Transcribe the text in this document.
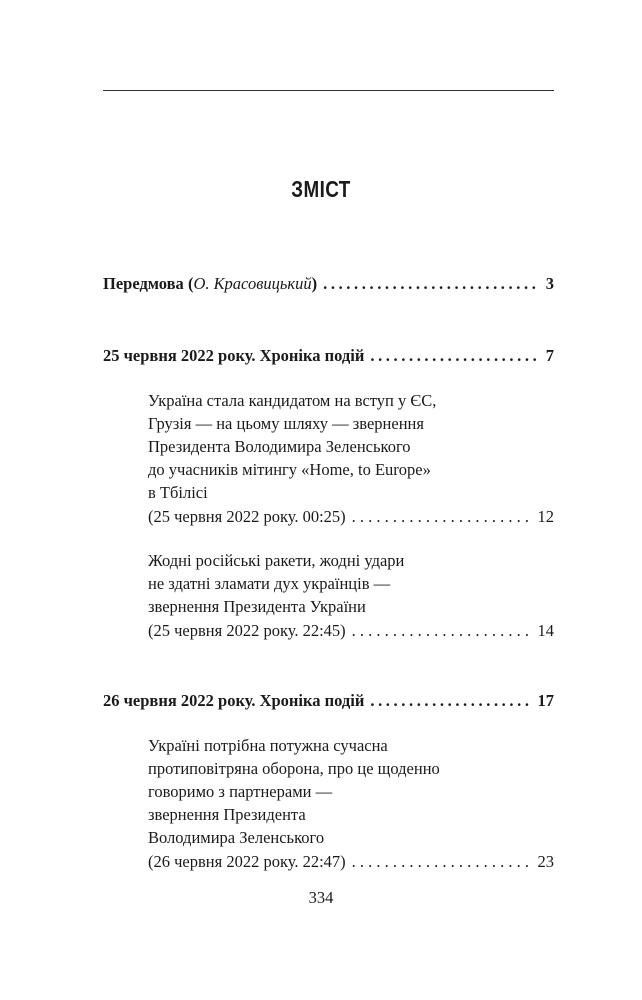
ЗМІСТ
Передмова (О. Красовицький) .....	3
25 червня 2022 року. Хроніка подій .....	7
Україна стала кандидатом на вступ у ЄС,
Грузія — на цьому шляху — звернення
Президента Володимира Зеленського
до учасників мітингу «Home, to Europe»
в Тбілісі
(25 червня 2022 року. 00:25) . . .	12
Жодні російські ракети, жодні удари
не здатні зламати дух українців —
звернення Президента України
(25 червня 2022 року. 22:45) . . .	14
26 червня 2022 року. Хроніка подій .....	17
Україні потрібна потужна сучасна
протиповітряна оборона, про це щоденно
говоримо з партнерами —
звернення Президента
Володимира Зеленського
(26 червня 2022 року. 22:47) . . .	23
334
